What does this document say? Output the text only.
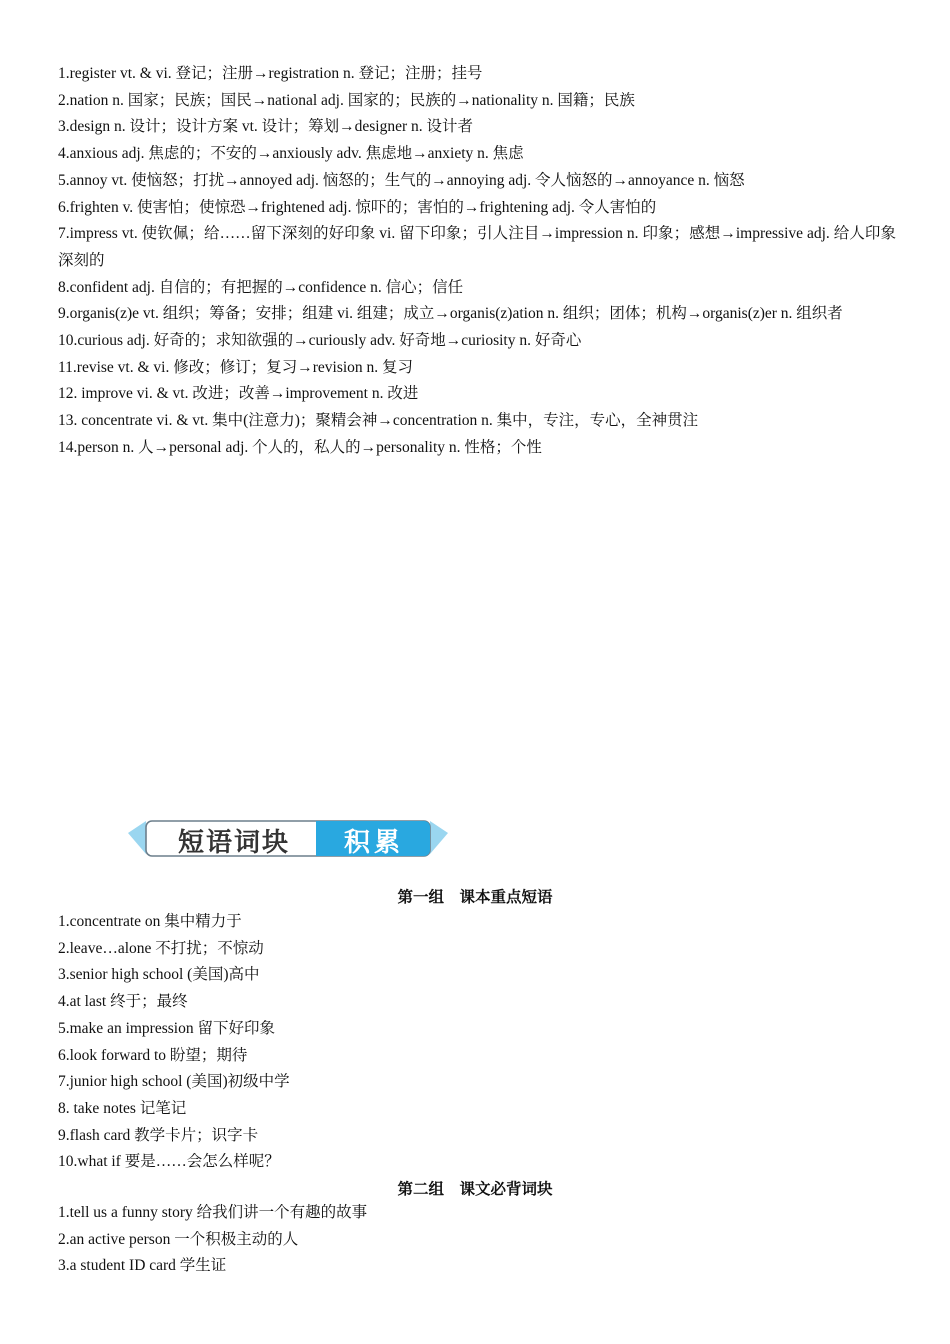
1.register vt. & vi. 登记；注册→registration n. 登记；注册；挂号
2.nation n. 国家；民族；国民→national adj. 国家的；民族的→nationality n. 国籍；民族
3.design n. 设计；设计方案 vt. 设计；筹划→designer n. 设计者
4.anxious adj. 焦虑的；不安的→anxiously adv. 焦虑地→anxiety n. 焦虑
5.annoy vt. 使恼怒；打扰→annoyed adj. 恼怒的；生气的→annoying adj. 令人恼怒的→annoyance n. 恼怒
6.frighten v. 使害怕；使惊恐→frightened adj. 惊吓的；害怕的→frightening adj. 令人害怕的
7.impress vt. 使钦佩；给……留下深刻的好印象 vi. 留下印象；引人注目→impression n. 印象；感想→impressive adj. 给人印象深刻的
8.confident adj. 自信的；有把握的→confidence n. 信心；信任
9.organis(z)e vt. 组织；筹备；安排；组建 vi. 组建；成立→organis(z)ation n. 组织；团体；机构→organis(z)er n. 组织者
10.curious adj. 好奇的；求知欲强的→curiously adv. 好奇地→curiosity n. 好奇心
11.revise vt. & vi. 修改；修订；复习→revision n. 复习
12. improve vi. & vt. 改进；改善→improvement n. 改进
13. concentrate vi. & vt. 集中(注意力)；聚精会神→concentration n. 集中，专注，专心，全神贯注
14.person n. 人→personal adj. 个人的，私人的→personality n. 性格；个性
短语词块 积累
第一组　课本重点短语
1.concentrate on 集中精力于
2.leave…alone 不打扰；不惊动
3.senior high school (美国)高中
4.at last 终于；最终
5.make an impression 留下好印象
6.look forward to 盼望；期待
7.junior high school (美国)初级中学
8. take notes 记笔记
9.flash card 教学卡片；识字卡
10.what if 要是……会怎么样呢？
第二组　课文必背词块
1.tell us a funny story 给我们讲一个有趣的故事
2.an active person 一个积极主动的人
3.a student ID card 学生证
